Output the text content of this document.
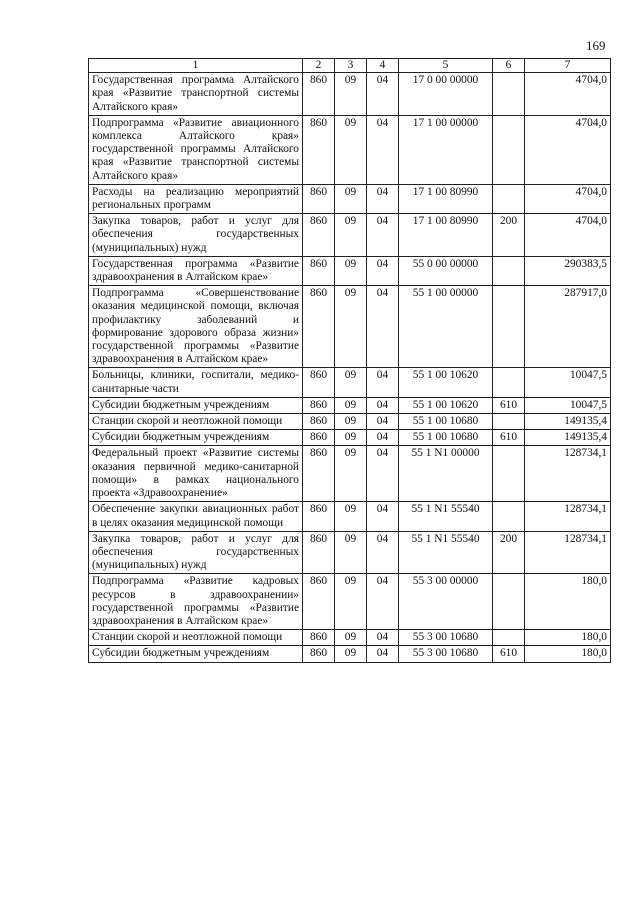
169
1	2	3	4	5	6	7
Государственная программа Алтайского края «Развитие транспортной системы Алтайского края»	860	09	04	17 0 00 00000		4704,0
Подпрограмма «Развитие авиационного комплекса Алтайского края» государственной программы Алтайского края «Развитие транспортной системы Алтайского края»	860	09	04	17 1 00 00000		4704,0
Расходы на реализацию мероприятий региональных программ	860	09	04	17 1 00 80990		4704,0
Закупка товаров, работ и услуг для обеспечения государственных (муниципальных) нужд	860	09	04	17 1 00 80990	200	4704,0
Государственная программа «Развитие здравоохранения в Алтайском крае»	860	09	04	55 0 00 00000		290383,5
Подпрограмма «Совершенствование оказания медицинской помощи, включая профилактику заболеваний и формирование здорового образа жизни» государственной программы «Развитие здравоохранения в Алтайском крае»	860	09	04	55 1 00 00000		287917,0
Больницы, клиники, госпитали, медико-санитарные части	860	09	04	55 1 00 10620		10047,5
Субсидии бюджетным учреждениям	860	09	04	55 1 00 10620	610	10047,5
Станции скорой и неотложной помощи	860	09	04	55 1 00 10680		149135,4
Субсидии бюджетным учреждениям	860	09	04	55 1 00 10680	610	149135,4
Федеральный проект «Развитие системы оказания первичной медико-санитарной помощи» в рамках национального проекта «Здравоохранение»	860	09	04	55 1 N1 00000		128734,1
Обеспечение закупки авиационных работ в целях оказания медицинской помощи	860	09	04	55 1 N1 55540		128734,1
Закупка товаров, работ и услуг для обеспечения государственных (муниципальных) нужд	860	09	04	55 1 N1 55540	200	128734,1
Подпрограмма «Развитие кадровых ресурсов в здравоохранении» государственной программы «Развитие здравоохранения в Алтайском крае»	860	09	04	55 3 00 00000		180,0
Станции скорой и неотложной помощи	860	09	04	55 3 00 10680		180,0
Субсидии бюджетным учреждениям	860	09	04	55 3 00 10680	610	180,0
